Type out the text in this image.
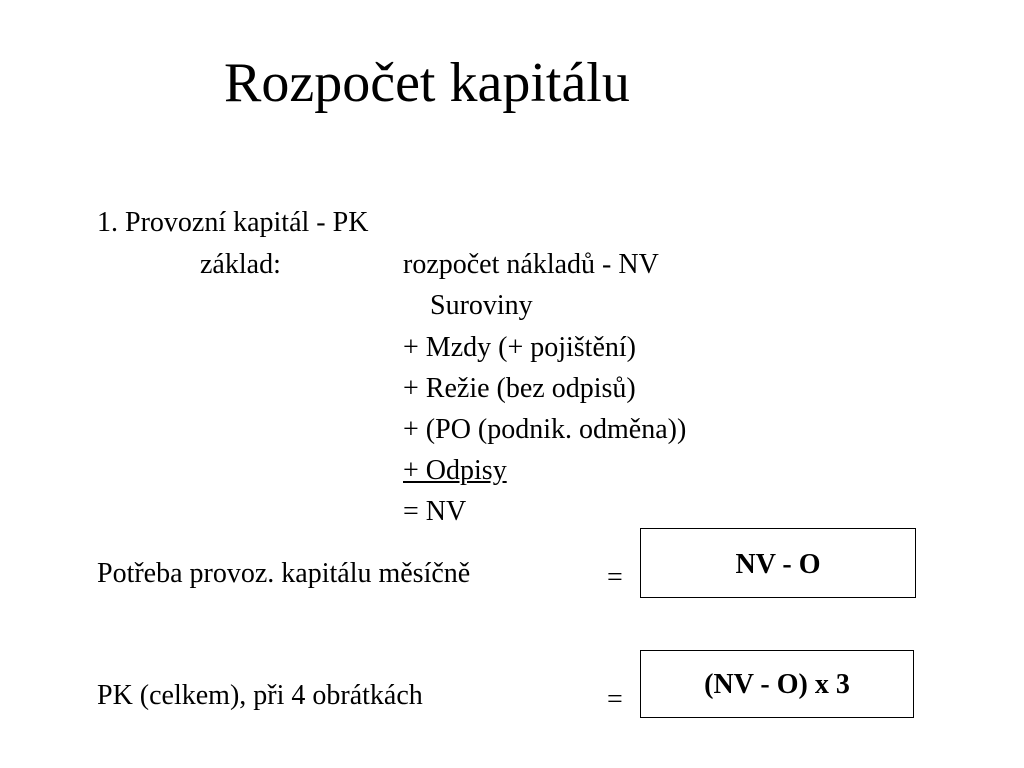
Rozpočet kapitálu
1. Provozní kapitál - PK
základ:	rozpočet nákladů - NV
Suroviny
+ Mzdy (+ pojištění)
+ Režie (bez odpisů)
+ (PO (podnik. odměna))
+ Odpisy
= NV
Potřeba provoz. kapitálu měsíčně	=	NV - O
PK (celkem), při 4 obrátkách	=	(NV - O) x 3
